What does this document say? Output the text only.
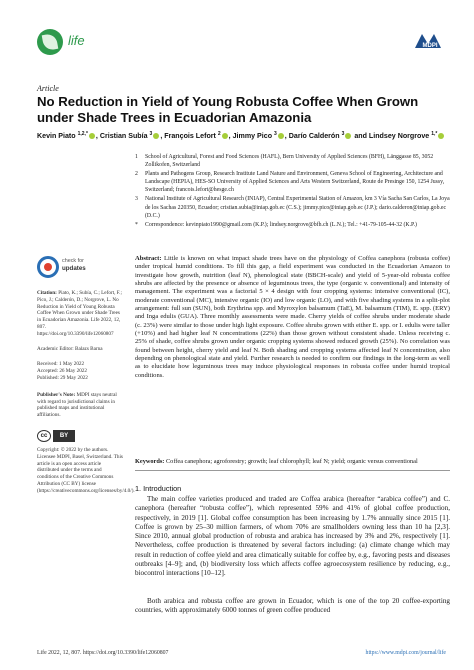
life	MDPI
Article
No Reduction in Yield of Young Robusta Coffee When Grown under Shade Trees in Ecuadorian Amazonia
Kevin Piato $^{1,2,*}$ , Cristian Subía $^3$ , François Lefort $^2$ , Jimmy Pico $^3$ , Darío Calderón $^3$ and Lindsey Norgrove $^{1,*}$
1	School of Agricultural, Forest and Food Sciences (HAFL), Bern University of Applied Sciences (BFH), Länggasse 85, 3052 Zollikofen, Switzerland
2	Plants and Pathogens Group, Research Institute Land Nature and Environment, Geneva School of Engineering, Architecture and Landscape (HEPIA), HES-SO University of Applied Sciences and Arts Western Switzerland, Route de Presinge 150, 1254 Jussy, Switzerland; francois.lefort@hesge.ch
3	National Institute of Agricultural Research (INIAP), Central Experimental Station of Amazon, km 3 Vía Sacha San Carlos, La Joya de los Sachas 220350, Ecuador; cristian.subia@iniap.gob.ec (C.S.); jimmy.pico@iniap.gob.ec (J.P.); dario.calderon@iniap.gob.ec (D.C.)
*	Correspondence: kevinpiato1990@gmail.com (K.P.); lindsey.norgrove@bfh.ch (L.N.); Tel.: +41-79-105-44-32 (K.P.)
check for
updates
Citation: Piato, K.; Subía, C.; Lefort, F.; Pico, J.; Calderón, D.; Norgrove, L. No Reduction in Yield of Young Robusta Coffee When Grown under Shade Trees in Ecuadorian Amazonia. Life 2022, 12, 807. https://doi.org/10.3390/life12060807
Academic Editor: Balazs Barna
Received: 1 May 2022
Accepted: 26 May 2022
Published: 29 May 2022
Publisher's Note: MDPI stays neutral with regard to jurisdictional claims in published maps and institutional affiliations.
cc	BY
Copyright: © 2022 by the authors. Licensee MDPI, Basel, Switzerland. This article is an open access article distributed under the terms and conditions of the Creative Commons Attribution (CC BY) license (https://creativecommons.org/licenses/by/4.0/).
Abstract: Little is known on what impact shade trees have on the physiology of Coffea canephora (robusta coffee) under tropical humid conditions. To fill this gap, a field experiment was conducted in the Ecuadorian Amazon to investigate how growth, nutrition (leaf N), phenological state (BBCH-scale) and yield of 5-year-old robusta coffee shrubs are affected by the presence or absence of leguminous trees, the type (organic v. conventional) and intensity of management. The experiment was a factorial 5 × 4 design with four cropping systems: intensive conventional (IC), moderate conventional (MC), intensive organic (IO) and low organic (LO), and with five shading systems in a split-plot arrangement: full sun (SUN), both Erythrina spp. and Myroxylon balsamum (TaE), M. balsamum (TIM), E. spp. (ERY) and Inga edulis (GUA). Three monthly assessments were made. Cherry yields of coffee shrubs under moderate shade (c. 23%) were similar to those under high light exposure. Coffee shrubs grown with either E. spp. or I. edulis were taller (+10%) and had higher leaf N concentrations (22%) than those grown without consistent shade. Unless receiving c. 25% of shade, coffee shrubs grown under organic cropping systems showed reduced growth (25%). No correlation was found between height, cherry yield and leaf N. Both shading and cropping systems affected leaf N concentration, also depending on phenological state and yield. Further research is needed to confirm our findings in the long-term as well as to elucidate how leguminous trees may induce physiological responses in robusta coffee under humid tropical conditions.
Keywords: Coffea canephora; agroforestry; growth; leaf chlorophyll; leaf N; yield; organic versus conventional
1. Introduction
The main coffee varieties produced and traded are Coffea arabica (hereafter “arabica coffee”) and C. canephora (hereafter “robusta coffee”), which represented 59% and 41% of global coffee production, respectively, in 2019 [1]. Global coffee consumption has been increasing by 1.7% annually since 2015 [1]. Coffee is grown by 25–30 million farmers, of whom 70% are smallholders owning less than 10 ha [2,3]. Since 2010, annual global production of robusta and arabica has increased by 3% and 2%, respectively [1]. Nevertheless, coffee production is threatened by several factors including: (a) climate change which may result in reduction of coffee yield and area climatically suitable for coffee by, e.g., favoring pests and diseases outbreaks [4–9]; and, (b) biodiversity loss which affects coffee agroecosystem resilience by reducing, e.g., biocontrol interactions [10–12].
Both arabica and robusta coffee are grown in Ecuador, which is one of the top 20 coffee-exporting countries, with approximately 6000 tonnes of green coffee produced
Life 2022, 12, 807. https://doi.org/10.3390/life12060807	https://www.mdpi.com/journal/life
